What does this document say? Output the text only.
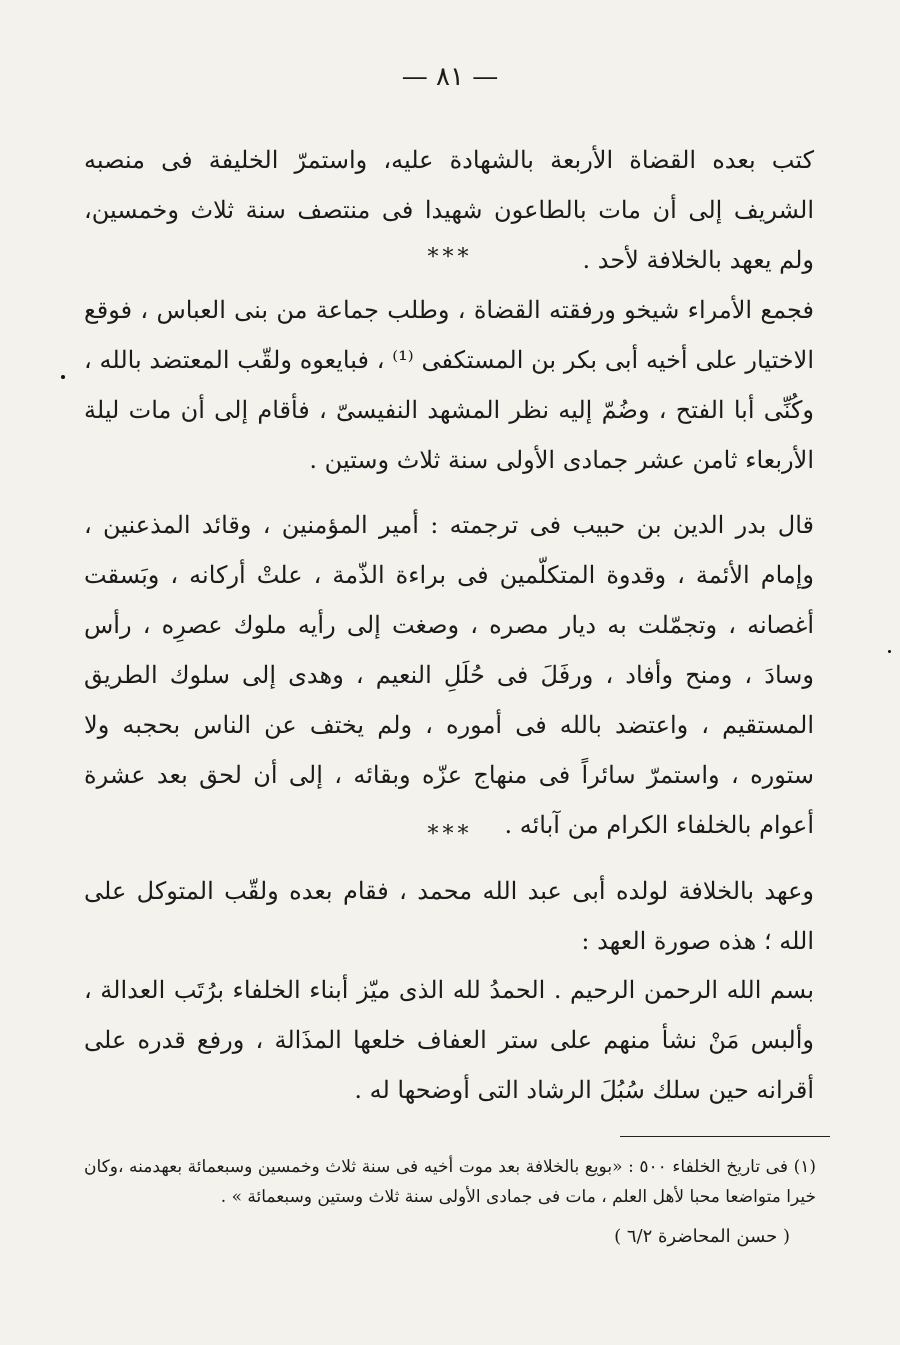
— ٨١ —

كتب بعده القضاة الأربعة بالشهادة عليه، واستمرّ الخليفة فى منصبه الشريف إلى أن مات بالطاعون شهيدا فى منتصف سنة ثلاث وخمسين، ولم يعهد بالخلافة لأحد .

***

فجمع الأمراء شيخو ورفقته القضاة ، وطلب جماعة من بنى العباس ، فوقع الاختيار على أخيه أبى بكر بن المستكفى ⁽¹⁾ ، فبايعوه ولقّب المعتضد بالله ، وكُنِّى أبا الفتح ، وضُمّ إليه نظر المشهد النفيسىّ ، فأقام إلى أن مات ليلة الأربعاء ثامن عشر جمادى الأولى سنة ثلاث وستين .

قال بدر الدين بن حبيب فى ترجمته : أمير المؤمنين ، وقائد المذعنين ، وإمام الأئمة ، وقدوة المتكلّمين فى براءة الذّمة ، علتْ أركانه ، وبَسقت أغصانه ، وتجمّلت به ديار مصره ، وصغت إلى رأيه ملوك عصرِه ، رأس وسادَ ، ومنح وأفاد ، ورفَلَ فى حُلَلِ النعيم ، وهدى إلى سلوك الطريق المستقيم ، واعتضد بالله فى أموره ، ولم يختف عن الناس بحجبه ولا ستوره ، واستمرّ سائراً فى منهاج عزّه وبقائه ، إلى أن لحق بعد عشرة أعوام بالخلفاء الكرام من آبائه .

***

وعهد بالخلافة لولده أبى عبد الله محمد ، فقام بعده ولقّب المتوكل على الله ؛ هذه صورة العهد :

بسم الله الرحمن الرحيم . الحمدُ لله الذى ميّز أبناء الخلفاء برُتَب العدالة ، وألبس مَنْ نشأ منهم على ستر العفاف خلعها المذَالة ، ورفع قدره على أقرانه حين سلك سُبُلَ الرشاد التى أوضحها له .

(١) فى تاريخ الخلفاء ٥٠٠ : «بويع بالخلافة بعد موت أخيه فى سنة ثلاث وخمسين وسبعمائة بعهدمنه ،وكان خيرا متواضعا محبا لأهل العلم ، مات فى جمادى الأولى سنة ثلاث وستين وسبعمائة » .

( حسن المحاضرة ٦/٢ )
